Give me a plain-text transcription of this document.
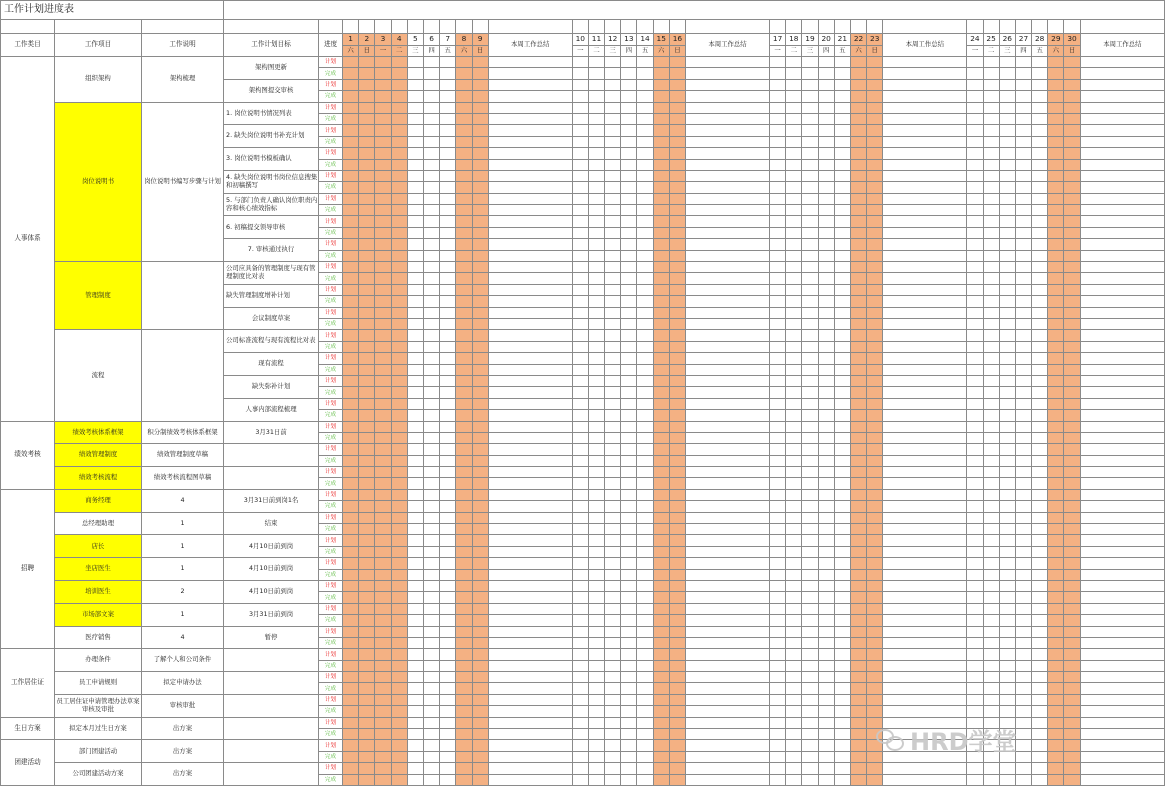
工作计划进度表																																						

工作类目	工作项目	工作说明	工作计划目标	进度	1	2	3	4	5	6	7	8	9	本周工作总结	10	11	12	13	14	15	16	本周工作总结	17	18	19	20	21	22	23	本周工作总结	24	25	26	27	28	29	30	本周工作总结
					六	日	一	二	三	四	五	六	日		一	二	三	四	五	六	日		一	二	三	四	五	六	日		一	二	三	四	五	六	日	
人事体系	组织架构	架构梳理	架构图更新	计划																																		
				完成																																		
			架构图提交审核	计划																																		
				完成																																		
	岗位说明书	岗位说明书编写步骤与计划	1. 岗位说明书情况列表	计划																																		
				完成																																		
			2. 缺失岗位说明书补充计划	计划																																		
				完成																																		
			3. 岗位说明书模板确认	计划																																		
				完成																																		
			4. 缺失岗位说明书岗位信息搜集和初稿撰写	计划																																		
				完成																																		
			5. 与部门负责人确认岗位职责内容和核心绩效指标	计划																																		
				完成																																		
			6. 初稿提交领导审核	计划																																		
				完成																																		
			7. 审核通过执行	计划																																		
				完成																																		
	管理制度		公司应具备的管理制度与现有管理制度比对表	计划																																		
				完成																																		
			缺失管理制度增补计划	计划																																		
				完成																																		
			会议制度草案	计划																																		
				完成																																		
	流程		公司标准流程与现有流程比对表	计划																																		
				完成																																		
			现有流程	计划																																		
				完成																																		
			缺失弥补计划	计划																																		
				完成																																		
			人事内部流程梳理	计划																																		
				完成																																		
绩效考核	绩效考核体系框架	积分制绩效考核体系框架	3月31日前	计划																																		
				完成																																		
	绩效管理制度	绩效管理制度草稿		计划																																		
				完成																																		
	绩效考核流程	绩效考核流程图草稿		计划																																		
				完成																																		
招聘	商务经理	4	3月31日前到岗1名	计划																																		
				完成																																		
	总经理助理	1	结束	计划																																		
				完成																																		
	店长	1	4月10日前到岗	计划																																		
				完成																																		
	坐店医生	1	4月10日前到岗	计划																																		
				完成																																		
	培训医生	2	4月10日前到岗	计划																																		
				完成																																		
	市场部文案	1	3月31日前到岗	计划																																		
				完成																																		
	医疗销售	4	暂停	计划																																		
				完成																																		
工作居住证	办理条件	了解个人和公司条件		计划																																		
				完成																																		
	员工申请规则	拟定申请办法		计划																																		
				完成																																		
	员工居住证申请管理办法草案审核及审批	审核审批		计划																																		
				完成																																		
生日方案	拟定本月过生日方案	出方案		计划																																		
				完成																																		
团建活动	部门团建活动	出方案		计划																																		
				完成																																		
	公司团建活动方案	出方案		计划																																		
				完成																																		
HRD学堂
